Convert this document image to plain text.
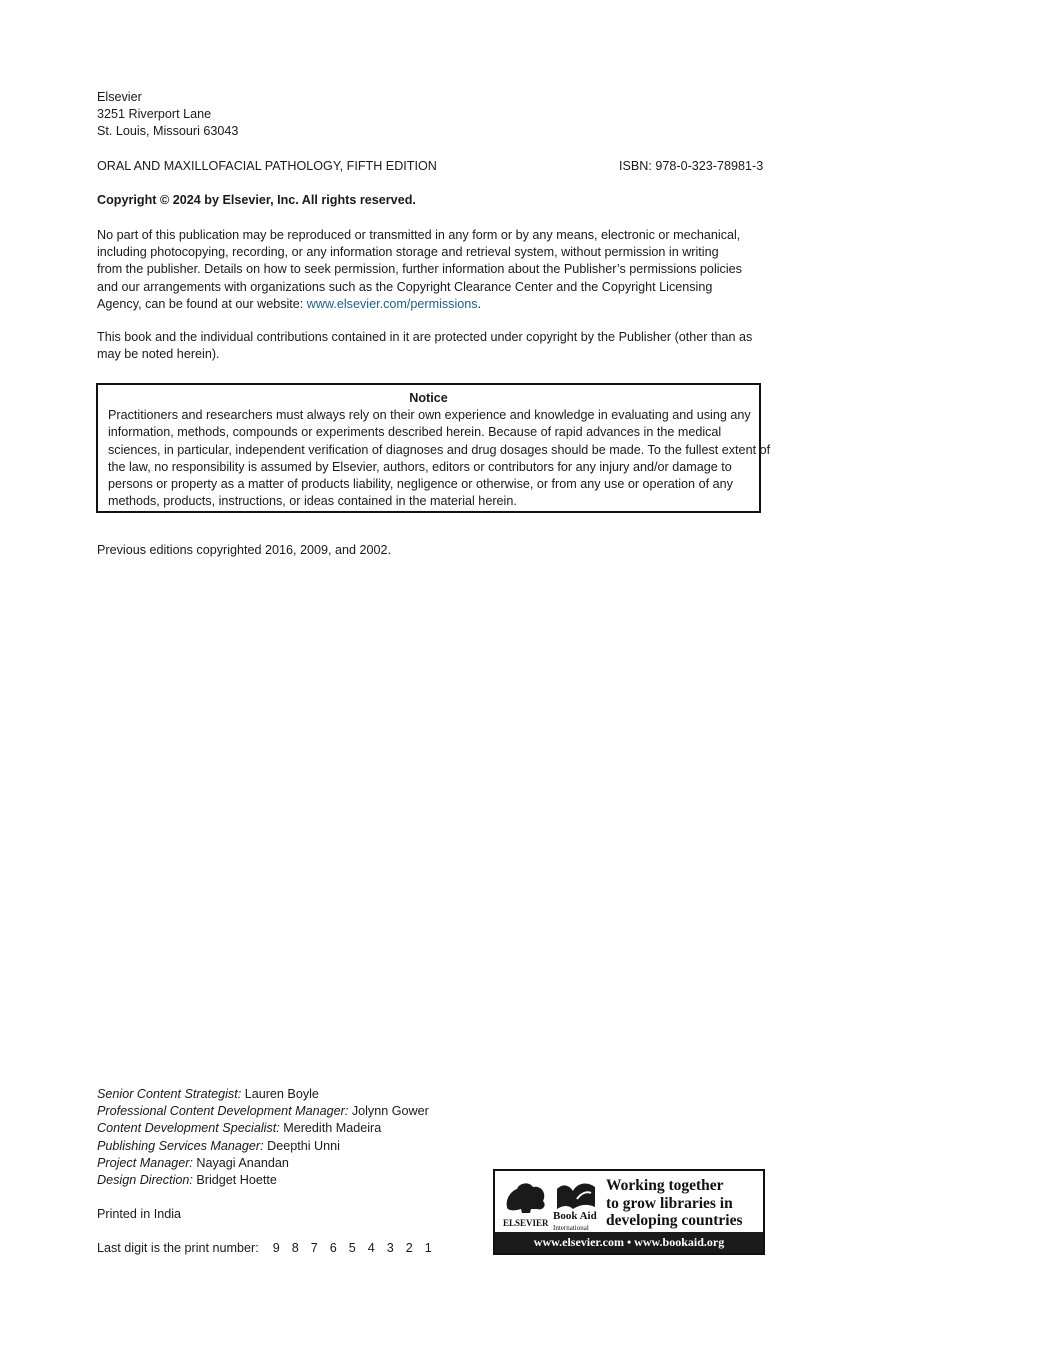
Elsevier
3251 Riverport Lane
St. Louis, Missouri 63043
ORAL AND MAXILLOFACIAL PATHOLOGY, FIFTH EDITION	ISBN: 978-0-323-78981-3
Copyright © 2024 by Elsevier, Inc. All rights reserved.
No part of this publication may be reproduced or transmitted in any form or by any means, electronic or mechanical,
including photocopying, recording, or any information storage and retrieval system, without permission in writing
from the publisher. Details on how to seek permission, further information about the Publisher’s permissions policies
and our arrangements with organizations such as the Copyright Clearance Center and the Copyright Licensing
Agency, can be found at our website: www.elsevier.com/permissions.
This book and the individual contributions contained in it are protected under copyright by the Publisher (other than as
may be noted herein).
Notice
Practitioners and researchers must always rely on their own experience and knowledge in evaluating and using any
information, methods, compounds or experiments described herein. Because of rapid advances in the medical
sciences, in particular, independent verification of diagnoses and drug dosages should be made. To the fullest extent of
the law, no responsibility is assumed by Elsevier, authors, editors or contributors for any injury and/or damage to
persons or property as a matter of products liability, negligence or otherwise, or from any use or operation of any
methods, products, instructions, or ideas contained in the material herein.
Previous editions copyrighted 2016, 2009, and 2002.
Senior Content Strategist: Lauren Boyle
Professional Content Development Manager: Jolynn Gower
Content Development Specialist: Meredith Madeira
Publishing Services Manager: Deepthi Unni
Project Manager: Nayagi Anandan
Design Direction: Bridget Hoette
Printed in India
Last digit is the print number: 9 8 7 6 5 4 3 2 1
ELSEVIER
Book Aid
International
Working together
to grow libraries in
developing countries
www.elsevier.com • www.bookaid.org
